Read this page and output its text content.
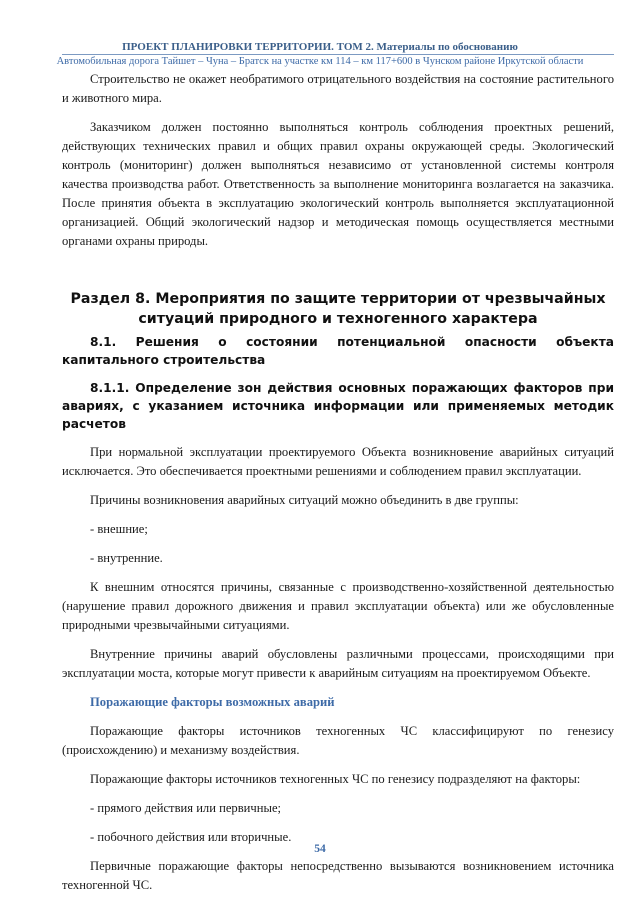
ПРОЕКТ ПЛАНИРОВКИ ТЕРРИТОРИИ. ТОМ 2. Материалы по обоснованию
Автомобильная дорога Тайшет – Чуна – Братск на участке км 114 – км 117+600 в Чунском районе Иркутской области

Строительство не окажет необратимого отрицательного воздействия на состояние растительного и животного мира.

Заказчиком должен постоянно выполняться контроль соблюдения проектных решений, действующих технических правил и общих правил охраны окружающей среды. Экологический контроль (мониторинг) должен выполняться независимо от установленной системы контроля качества производства работ. Ответственность за выполнение мониторинга возлагается на заказчика. После принятия объекта в эксплуатацию экологический контроль выполняется эксплуатационной организацией. Общий экологический надзор и методическая помощь осуществляется местными органами охраны природы.

Раздел 8. Мероприятия по защите территории от чрезвычайных ситуаций природного и техногенного характера
8.1. Решения о состоянии потенциальной опасности объекта капитального строительства
8.1.1. Определение зон действия основных поражающих факторов при авариях, с указанием источника информации или применяемых методик расчетов

При нормальной эксплуатации проектируемого Объекта возникновение аварийных ситуаций исключается. Это обеспечивается проектными решениями и соблюдением правил эксплуатации.

Причины возникновения аварийных ситуаций можно объединить в две группы:

- внешние;

- внутренние.

К внешним относятся причины, связанные с производственно-хозяйственной деятельностью (нарушение правил дорожного движения и правил эксплуатации объекта) или же обусловленные природными чрезвычайными ситуациями.

Внутренние причины аварий обусловлены различными процессами, происходящими при эксплуатации моста, которые могут привести к аварийным ситуациям на проектируемом Объекте.

Поражающие факторы возможных аварий

Поражающие факторы источников техногенных ЧС классифицируют по генезису (происхождению) и механизму воздействия.

Поражающие факторы источников техногенных ЧС по генезису подразделяют на факторы:

- прямого действия или первичные;

- побочного действия или вторичные.

Первичные поражающие факторы непосредственно вызываются возникновением источника техногенной ЧС.

54
